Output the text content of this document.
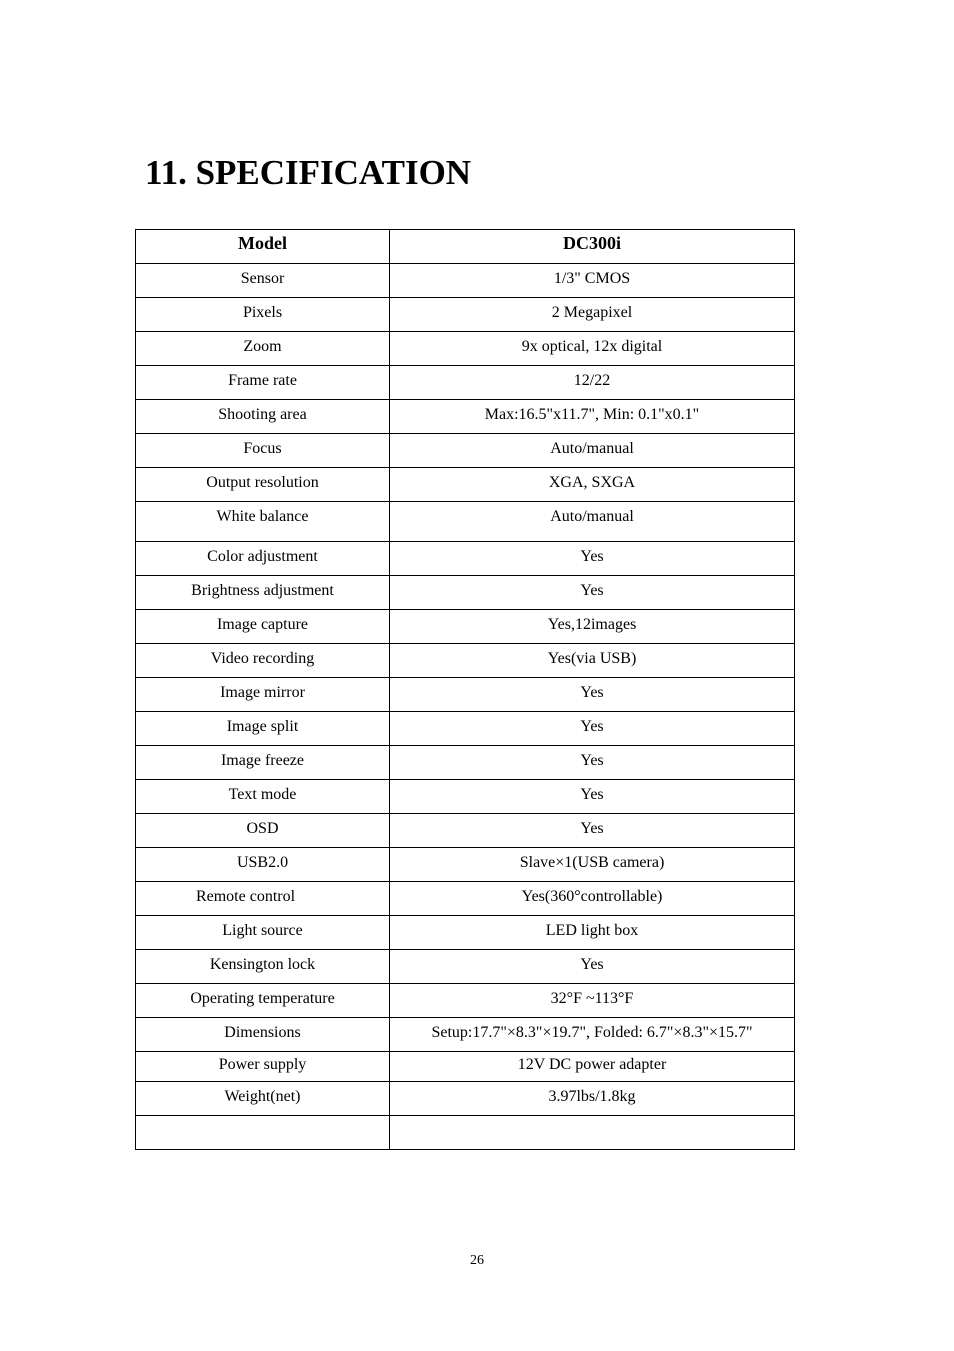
11. SPECIFICATION
Model	DC300i
Sensor	1/3" CMOS
Pixels	2 Megapixel
Zoom	9x optical, 12x digital
Frame rate	12/22
Shooting area	Max:16.5"x11.7", Min: 0.1"x0.1"
Focus	Auto/manual
Output resolution	XGA, SXGA
White balance	Auto/manual
Color adjustment	Yes
Brightness adjustment	Yes
Image capture	Yes,12images
Video recording	Yes(via USB)
Image mirror	Yes
Image split	Yes
Image freeze	Yes
Text mode	Yes
OSD	Yes
USB2.0	Slave×1(USB camera)
Remote control	Yes(360°controllable)
Light source	LED light box
Kensington lock	Yes
Operating temperature	32°F ~113°F
Dimensions	Setup:17.7"×8.3"×19.7", Folded: 6.7"×8.3"×15.7"
Power supply	12V DC power adapter
Weight(net)	3.97lbs/1.8kg

26
